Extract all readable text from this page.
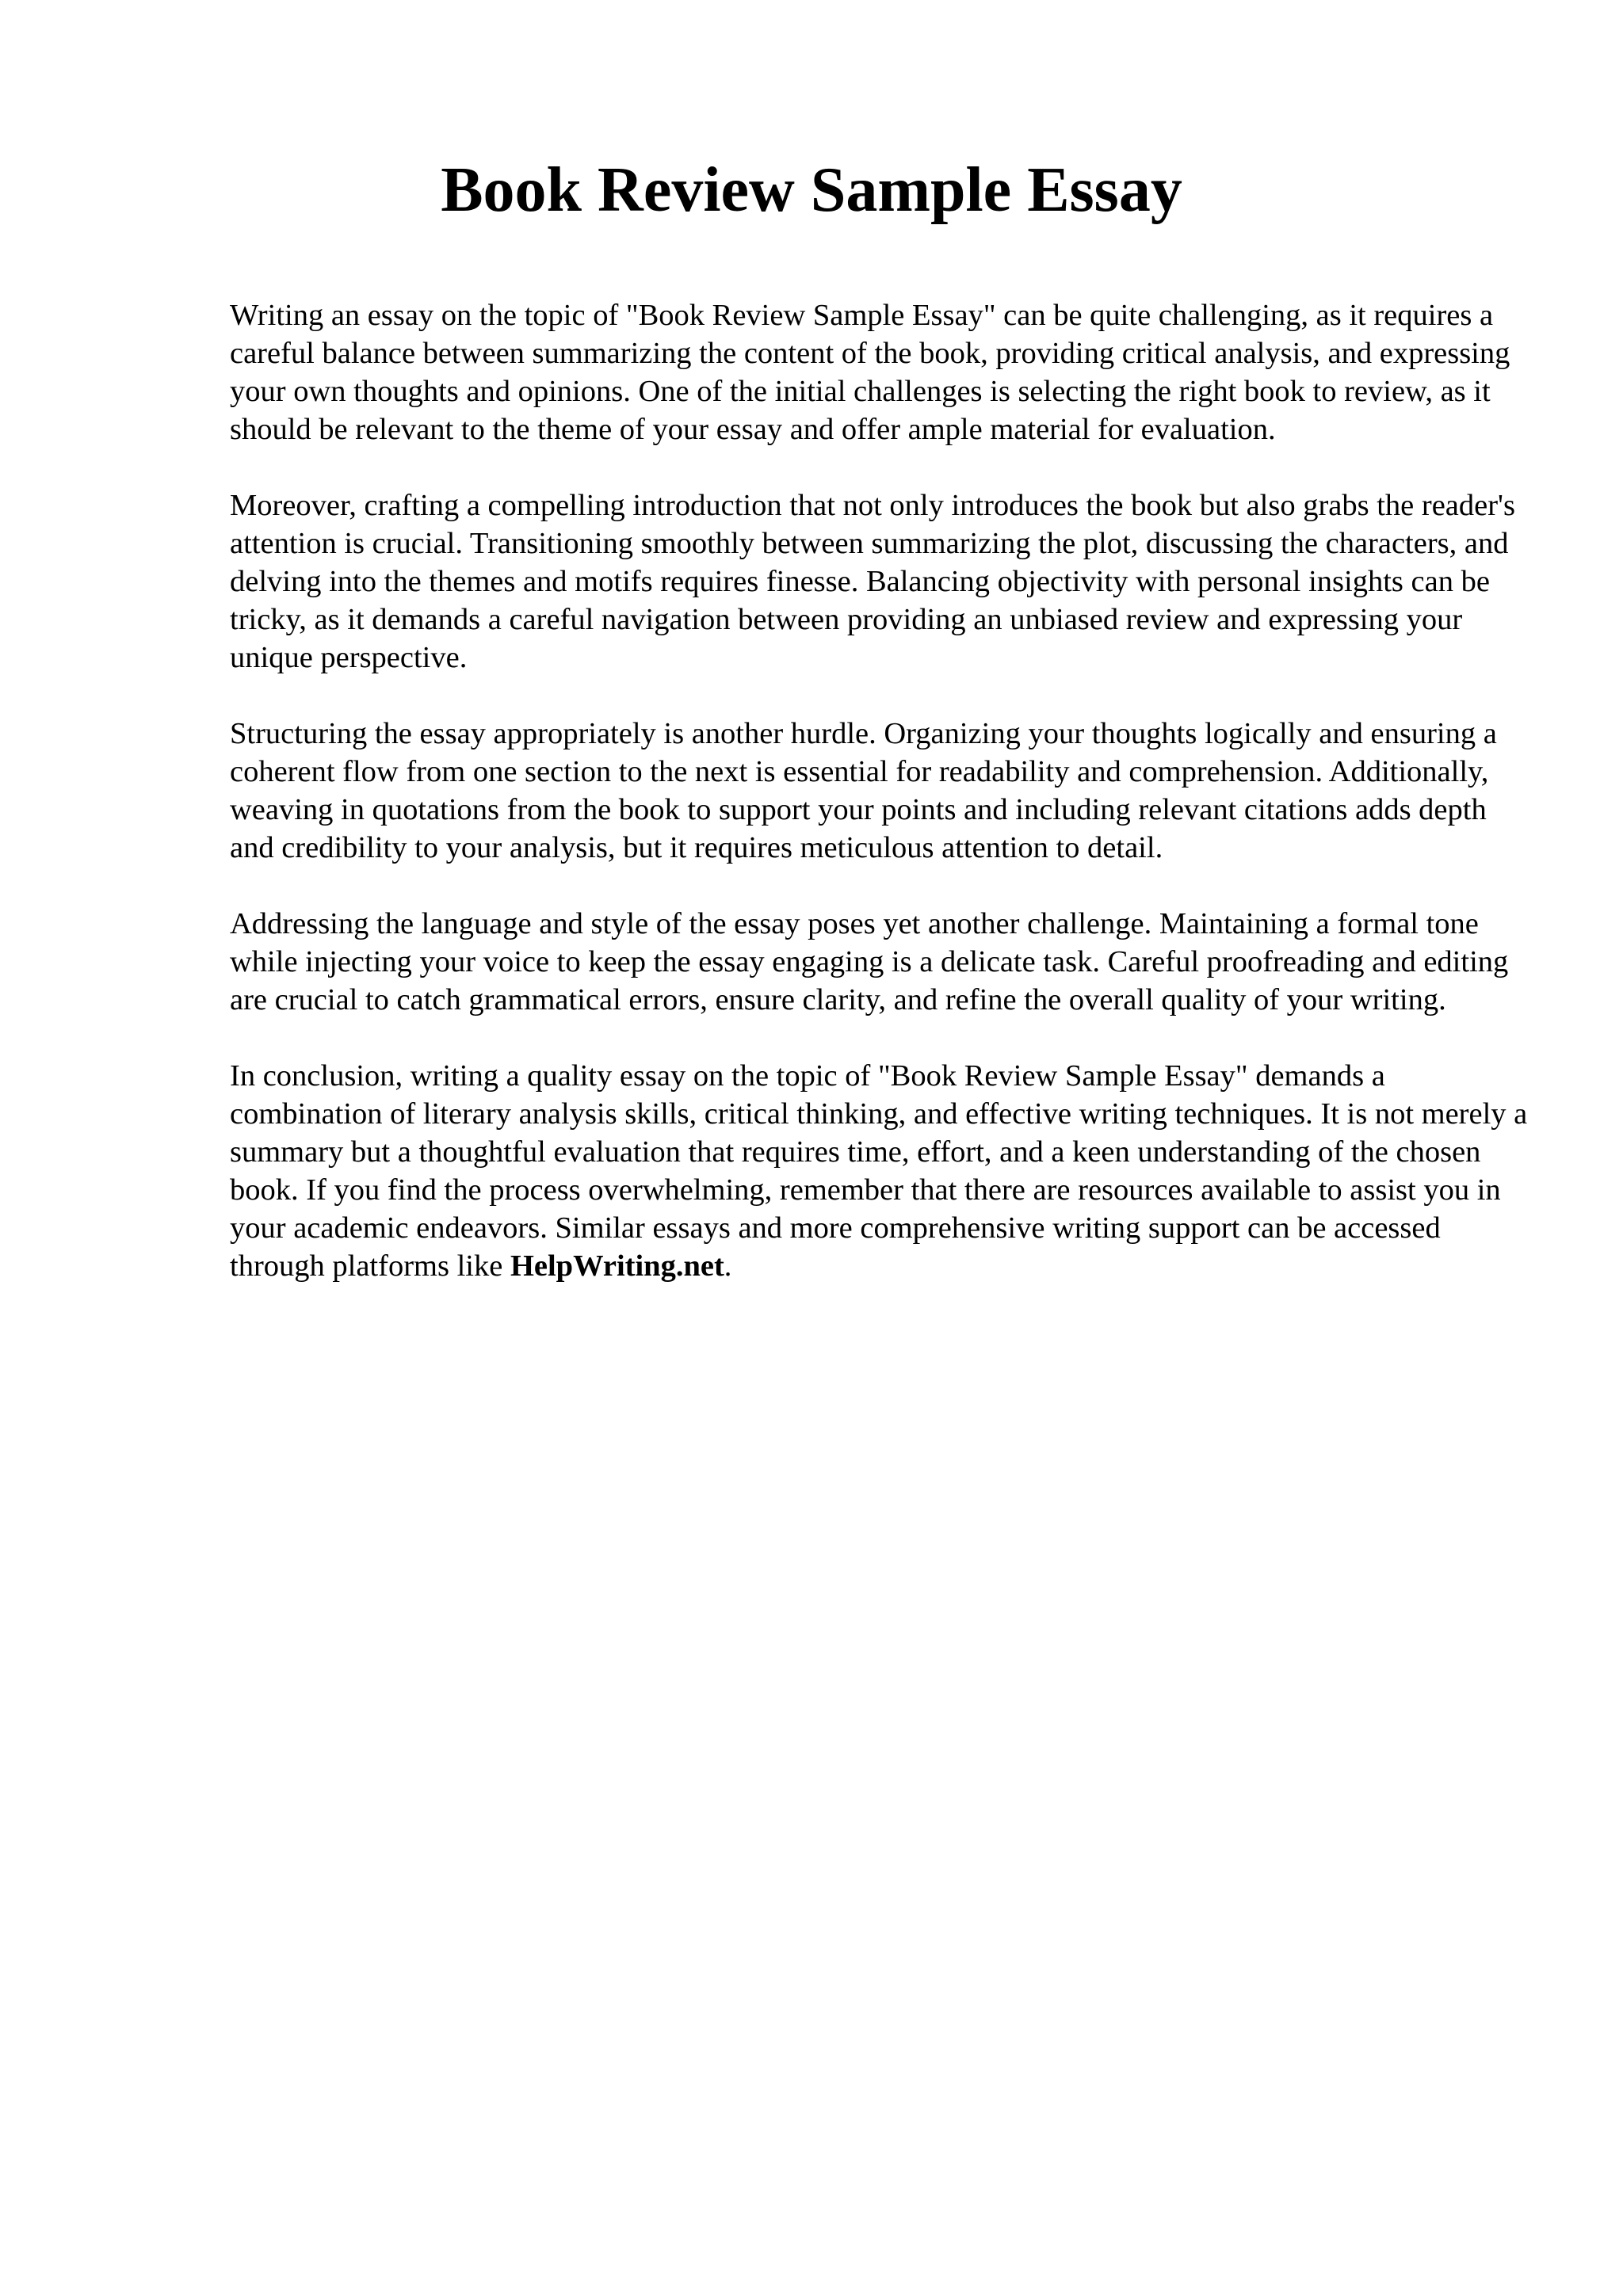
Book Review Sample Essay

Writing an essay on the topic of "Book Review Sample Essay" can be quite challenging, as it requires a careful balance between summarizing the content of the book, providing critical analysis, and expressing your own thoughts and opinions. One of the initial challenges is selecting the right book to review, as it should be relevant to the theme of your essay and offer ample material for evaluation.

Moreover, crafting a compelling introduction that not only introduces the book but also grabs the reader's attention is crucial. Transitioning smoothly between summarizing the plot, discussing the characters, and delving into the themes and motifs requires finesse. Balancing objectivity with personal insights can be tricky, as it demands a careful navigation between providing an unbiased review and expressing your unique perspective.

Structuring the essay appropriately is another hurdle. Organizing your thoughts logically and ensuring a coherent flow from one section to the next is essential for readability and comprehension. Additionally, weaving in quotations from the book to support your points and including relevant citations adds depth and credibility to your analysis, but it requires meticulous attention to detail.

Addressing the language and style of the essay poses yet another challenge. Maintaining a formal tone while injecting your voice to keep the essay engaging is a delicate task. Careful proofreading and editing are crucial to catch grammatical errors, ensure clarity, and refine the overall quality of your writing.

In conclusion, writing a quality essay on the topic of "Book Review Sample Essay" demands a combination of literary analysis skills, critical thinking, and effective writing techniques. It is not merely a summary but a thoughtful evaluation that requires time, effort, and a keen understanding of the chosen book. If you find the process overwhelming, remember that there are resources available to assist you in your academic endeavors. Similar essays and more comprehensive writing support can be accessed through platforms like HelpWriting.net.
